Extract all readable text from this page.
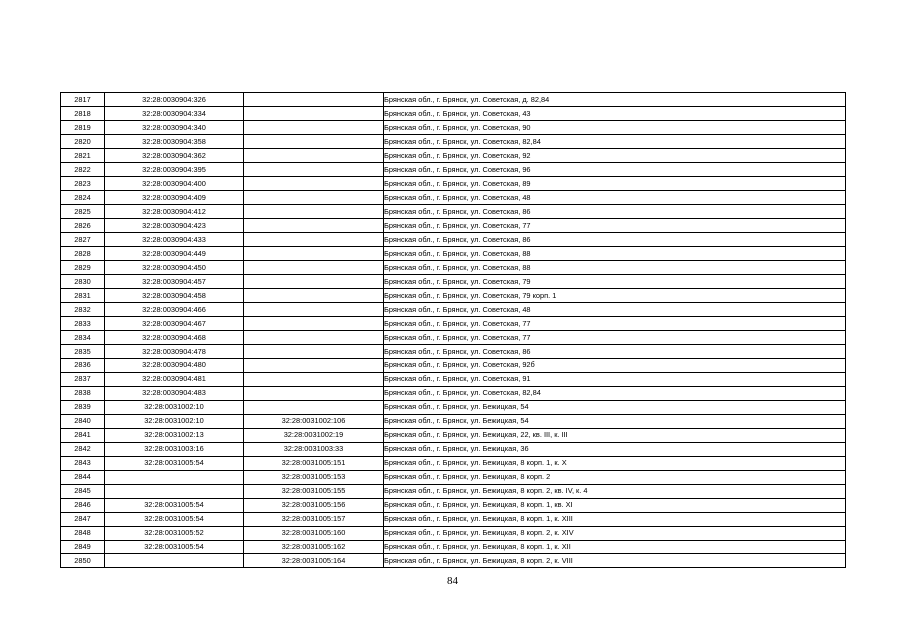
2817	32:28:0030904:326		Брянская обл., г. Брянск, ул. Советская, д. 82,84
2818	32:28:0030904:334		Брянская обл., г. Брянск, ул. Советская, 43
2819	32:28:0030904:340		Брянская обл., г. Брянск, ул. Советская, 90
2820	32:28:0030904:358		Брянская обл., г. Брянск, ул. Советская, 82,84
2821	32:28:0030904:362		Брянская обл., г. Брянск, ул. Советская, 92
2822	32:28:0030904:395		Брянская обл., г. Брянск, ул. Советская, 96
2823	32:28:0030904:400		Брянская обл., г. Брянск, ул. Советская, 89
2824	32:28:0030904:409		Брянская обл., г. Брянск, ул. Советская, 48
2825	32:28:0030904:412		Брянская обл., г. Брянск, ул. Советская, 86
2826	32:28:0030904:423		Брянская обл., г. Брянск, ул. Советская, 77
2827	32:28:0030904:433		Брянская обл., г. Брянск, ул. Советская, 86
2828	32:28:0030904:449		Брянская обл., г. Брянск, ул. Советская, 88
2829	32:28:0030904:450		Брянская обл., г. Брянск, ул. Советская, 88
2830	32:28:0030904:457		Брянская обл., г. Брянск, ул. Советская, 79
2831	32:28:0030904:458		Брянская обл., г. Брянск, ул. Советская, 79 корп. 1
2832	32:28:0030904:466		Брянская обл., г. Брянск, ул. Советская, 48
2833	32:28:0030904:467		Брянская обл., г. Брянск, ул. Советская, 77
2834	32:28:0030904:468		Брянская обл., г. Брянск, ул. Советская, 77
2835	32:28:0030904:478		Брянская обл., г. Брянск, ул. Советская, 86
2836	32:28:0030904:480		Брянская обл., г. Брянск, ул. Советская, 92б
2837	32:28:0030904:481		Брянская обл., г. Брянск, ул. Советская, 91
2838	32:28:0030904:483		Брянская обл., г. Брянск, ул. Советская, 82,84
2839	32:28:0031002:10		Брянская обл., г. Брянск, ул. Бежицкая, 54
2840	32:28:0031002:10	32:28:0031002:106	Брянская обл., г. Брянск, ул. Бежицкая, 54
2841	32:28:0031002:13	32:28:0031002:19	Брянская обл., г. Брянск, ул. Бежицкая, 22, кв. III, к. III
2842	32:28:0031003:16	32:28:0031003:33	Брянская обл., г. Брянск, ул. Бежицкая, 36
2843	32:28:0031005:54	32:28:0031005:151	Брянская обл., г. Брянск, ул. Бежицкая, 8 корп. 1, к. X
2844		32:28:0031005:153	Брянская обл., г. Брянск, ул. Бежицкая, 8 корп. 2
2845		32:28:0031005:155	Брянская обл., г. Брянск, ул. Бежицкая, 8 корп. 2, кв. IV, к. 4
2846	32:28:0031005:54	32:28:0031005:156	Брянская обл., г. Брянск, ул. Бежицкая, 8 корп. 1, кв. XI
2847	32:28:0031005:54	32:28:0031005:157	Брянская обл., г. Брянск, ул. Бежицкая, 8 корп. 1, к. XIII
2848	32:28:0031005:52	32:28:0031005:160	Брянская обл., г. Брянск, ул. Бежицкая, 8 корп. 2, к. XIV
2849	32:28:0031005:54	32:28:0031005:162	Брянская обл., г. Брянск, ул. Бежицкая, 8 корп. 1, к. XII
2850		32:28:0031005:164	Брянская обл., г. Брянск, ул. Бежицкая, 8 корп. 2, к. VIII
84
